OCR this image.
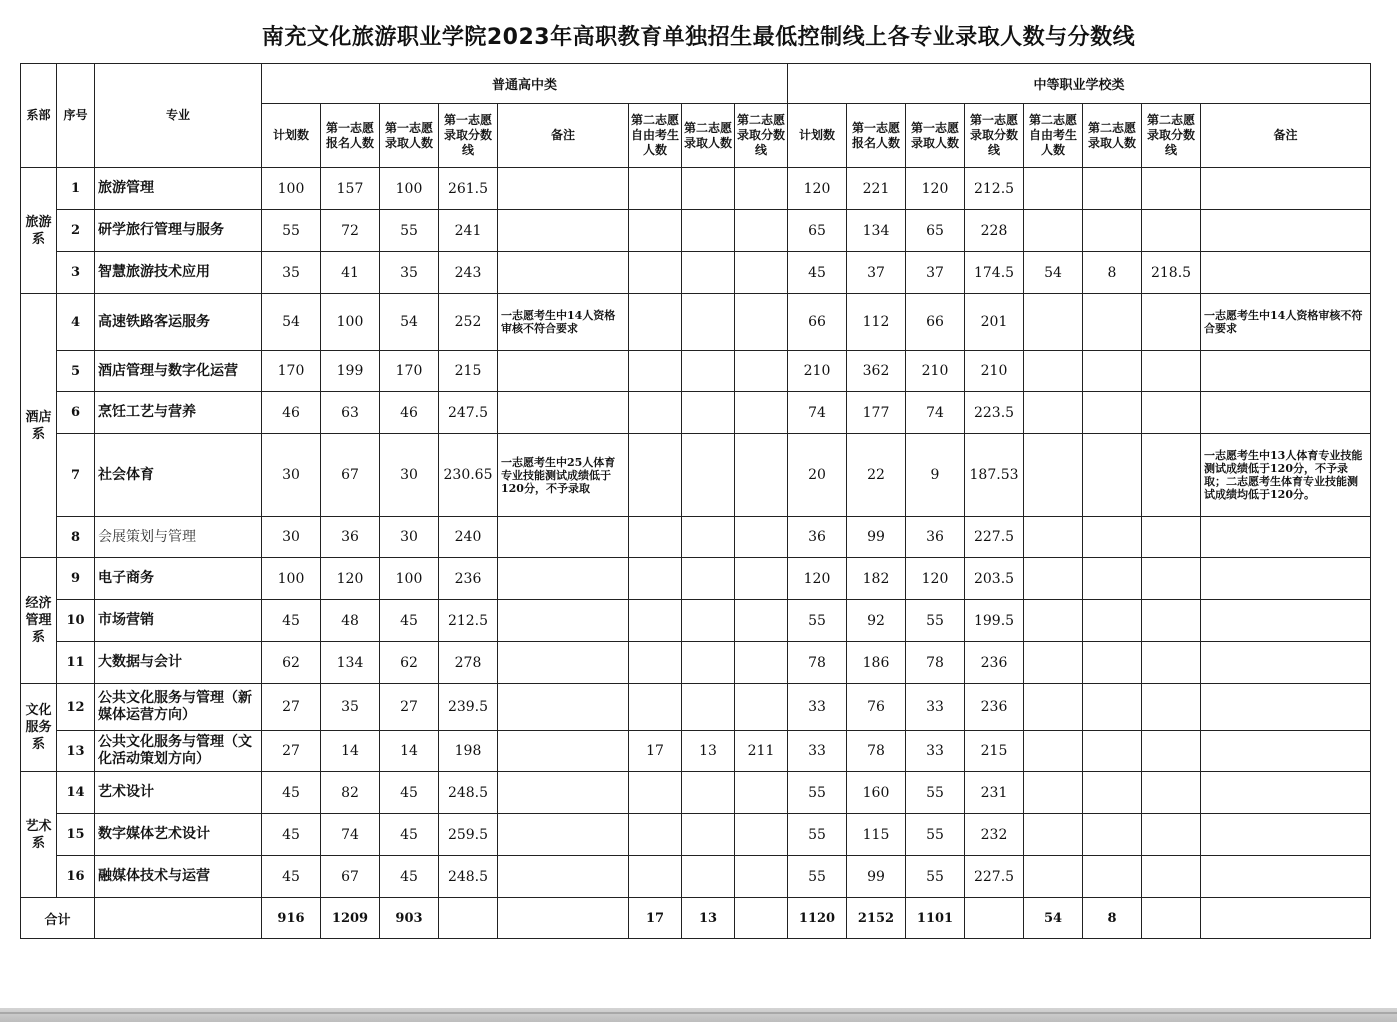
南充文化旅游职业学院2023年高职教育单独招生最低控制线上各专业录取人数与分数线
系部	序号	专业	普通高中类								中等职业学校类							
			计划数	第一志愿报名人数	第一志愿录取人数	第一志愿录取分数线	备注	第二志愿自由考生人数	第二志愿录取人数	第二志愿录取分数线	计划数	第一志愿报名人数	第一志愿录取人数	第一志愿录取分数线	第二志愿自由考生人数	第二志愿录取人数	第二志愿录取分数线	备注
旅游系	1	旅游管理	100	157	100	261.5					120	221	120	212.5				
	2	研学旅行管理与服务	55	72	55	241					65	134	65	228				
	3	智慧旅游技术应用	35	41	35	243					45	37	37	174.5	54	8	218.5	
酒店系	4	高速铁路客运服务	54	100	54	252	一志愿考生中14人资格审核不符合要求				66	112	66	201				一志愿考生中14人资格审核不符合要求
	5	酒店管理与数字化运营	170	199	170	215					210	362	210	210				
	6	烹饪工艺与营养	46	63	46	247.5					74	177	74	223.5				
	7	社会体育	30	67	30	230.65	一志愿考生中25人体育专业技能测试成绩低于120分，不予录取				20	22	9	187.53				一志愿考生中13人体育专业技能测试成绩低于120分，不予录取；二志愿考生体育专业技能测试成绩均低于120分。
	8	会展策划与管理	30	36	30	240					36	99	36	227.5				
经济管理系	9	电子商务	100	120	100	236					120	182	120	203.5				
	10	市场营销	45	48	45	212.5					55	92	55	199.5				
	11	大数据与会计	62	134	62	278					78	186	78	236				
文化服务系	12	公共文化服务与管理（新媒体运营方向）	27	35	27	239.5					33	76	33	236				
	13	公共文化服务与管理（文化活动策划方向）	27	14	14	198		17	13	211	33	78	33	215				
艺术系	14	艺术设计	45	82	45	248.5					55	160	55	231				
	15	数字媒体艺术设计	45	74	45	259.5					55	115	55	232				
	16	融媒体技术与运营	45	67	45	248.5					55	99	55	227.5				
合计			916	1209	903			17	13		1120	2152	1101		54	8		
